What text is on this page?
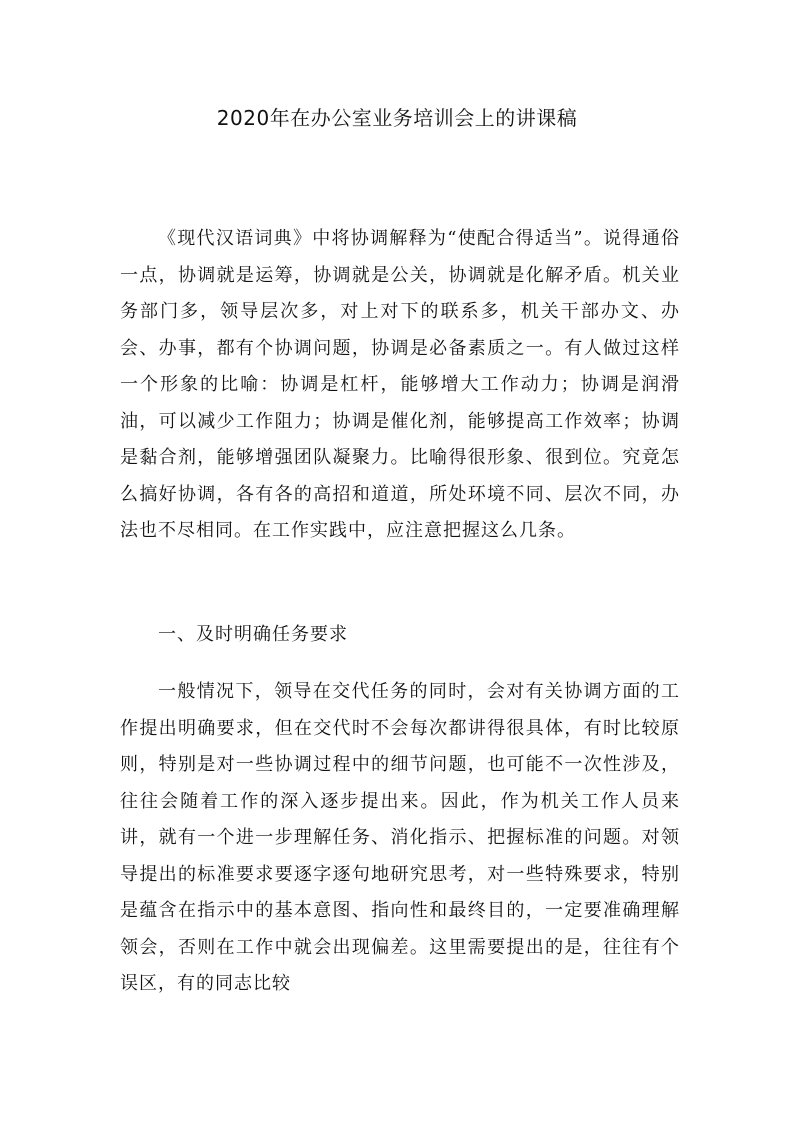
2020年在办公室业务培训会上的讲课稿

《现代汉语词典》中将协调解释为“使配合得适当”。说得通俗一点，协调就是运筹，协调就是公关，协调就是化解矛盾。机关业务部门多，领导层次多，对上对下的联系多，机关干部办文、办会、办事，都有个协调问题，协调是必备素质之一。有人做过这样一个形象的比喻：协调是杠杆，能够增大工作动力；协调是润滑油，可以减少工作阻力；协调是催化剂，能够提高工作效率；协调是黏合剂，能够增强团队凝聚力。比喻得很形象、很到位。究竟怎么搞好协调，各有各的高招和道道，所处环境不同、层次不同，办法也不尽相同。在工作实践中，应注意把握这么几条。

一、及时明确任务要求

一般情况下，领导在交代任务的同时，会对有关协调方面的工作提出明确要求，但在交代时不会每次都讲得很具体，有时比较原则，特别是对一些协调过程中的细节问题，也可能不一次性涉及，往往会随着工作的深入逐步提出来。因此，作为机关工作人员来讲，就有一个进一步理解任务、消化指示、把握标准的问题。对领导提出的标准要求要逐字逐句地研究思考，对一些特殊要求，特别是蕴含在指示中的基本意图、指向性和最终目的，一定要准确理解领会，否则在工作中就会出现偏差。这里需要提出的是，往往有个误区，有的同志比较
